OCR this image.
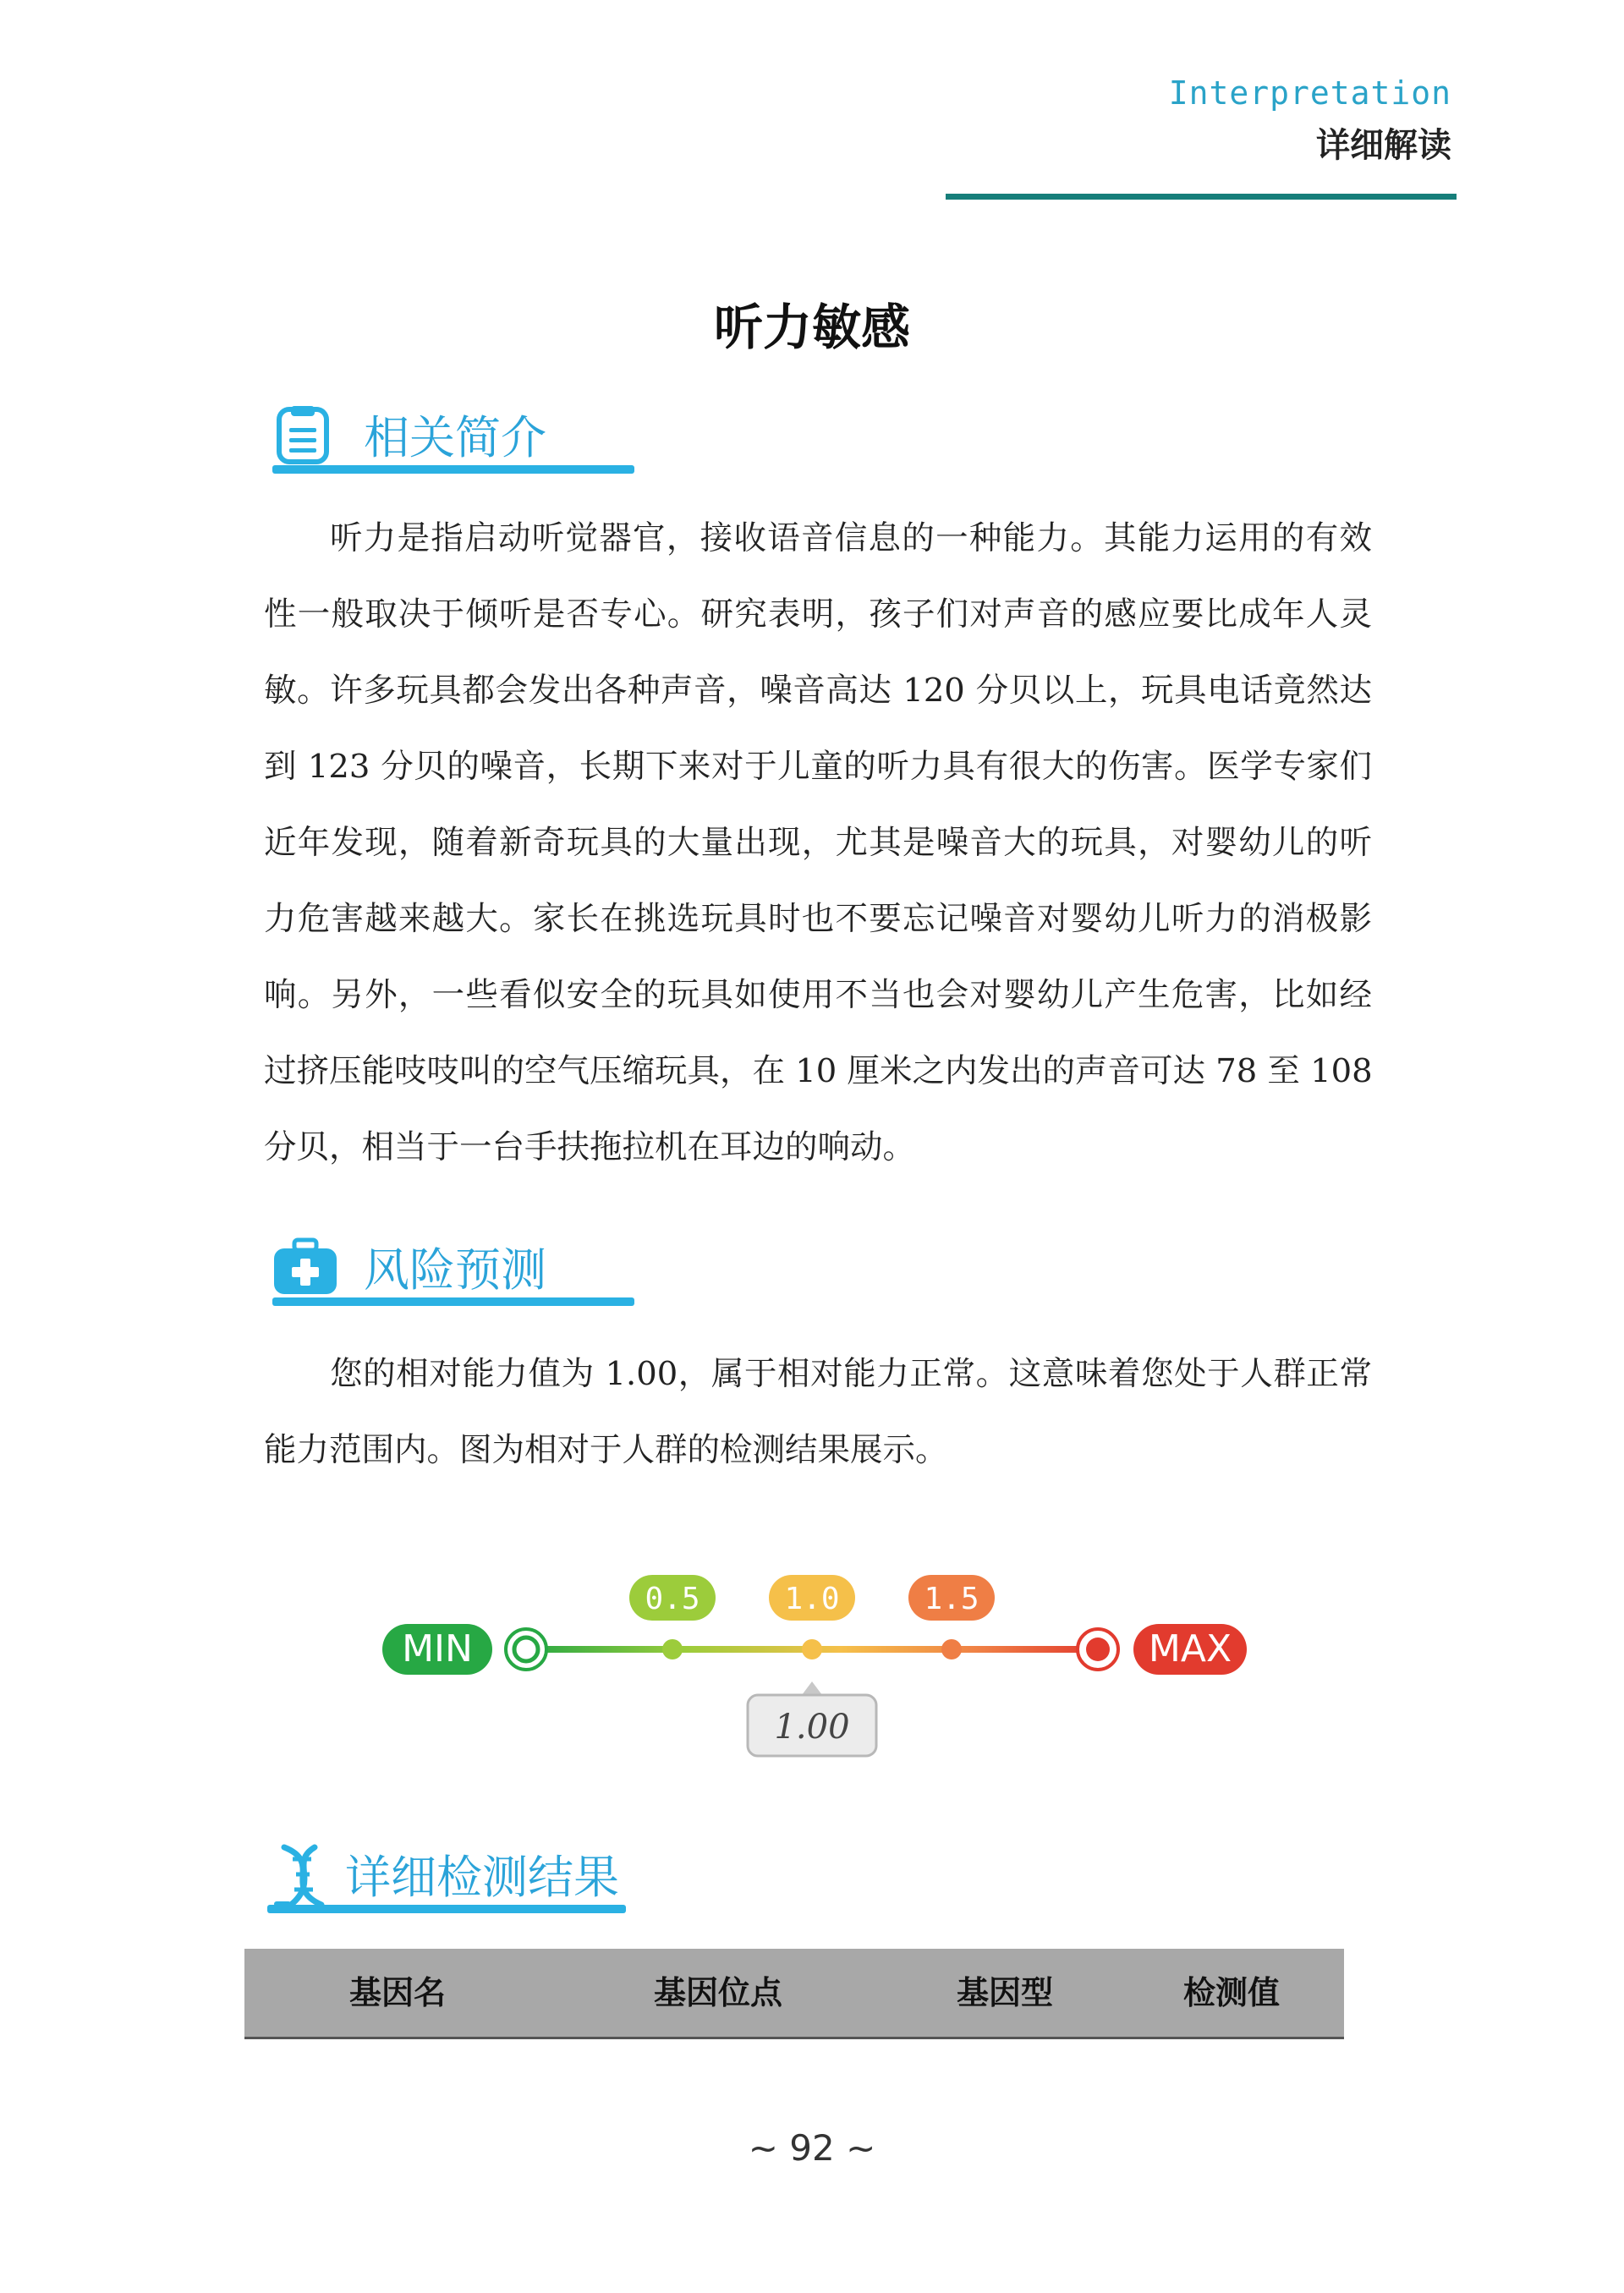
Interpretation
详细解读
听力敏感
相关简介
听力是指启动听觉器官，接收语音信息的一种能力。其能力运用的有效
性一般取决于倾听是否专心。研究表明，孩子们对声音的感应要比成年人灵
敏。许多玩具都会发出各种声音，噪音高达 120 分贝以上，玩具电话竟然达
到 123 分贝的噪音，长期下来对于儿童的听力具有很大的伤害。医学专家们
近年发现，随着新奇玩具的大量出现，尤其是噪音大的玩具，对婴幼儿的听
力危害越来越大。家长在挑选玩具时也不要忘记噪音对婴幼儿听力的消极影
响。另外，一些看似安全的玩具如使用不当也会对婴幼儿产生危害，比如经
过挤压能吱吱叫的空气压缩玩具，在 10 厘米之内发出的声音可达 78 至 108
分贝，相当于一台手扶拖拉机在耳边的响动。
风险预测
您的相对能力值为 1.00，属于相对能力正常。这意味着您处于人群正常
能力范围内。图为相对于人群的检测结果展示。
MIN	MAX
0.5	1.0	1.5
1.00
详细检测结果
基因名	基因位点	基因型	检测值
~ 92 ~
